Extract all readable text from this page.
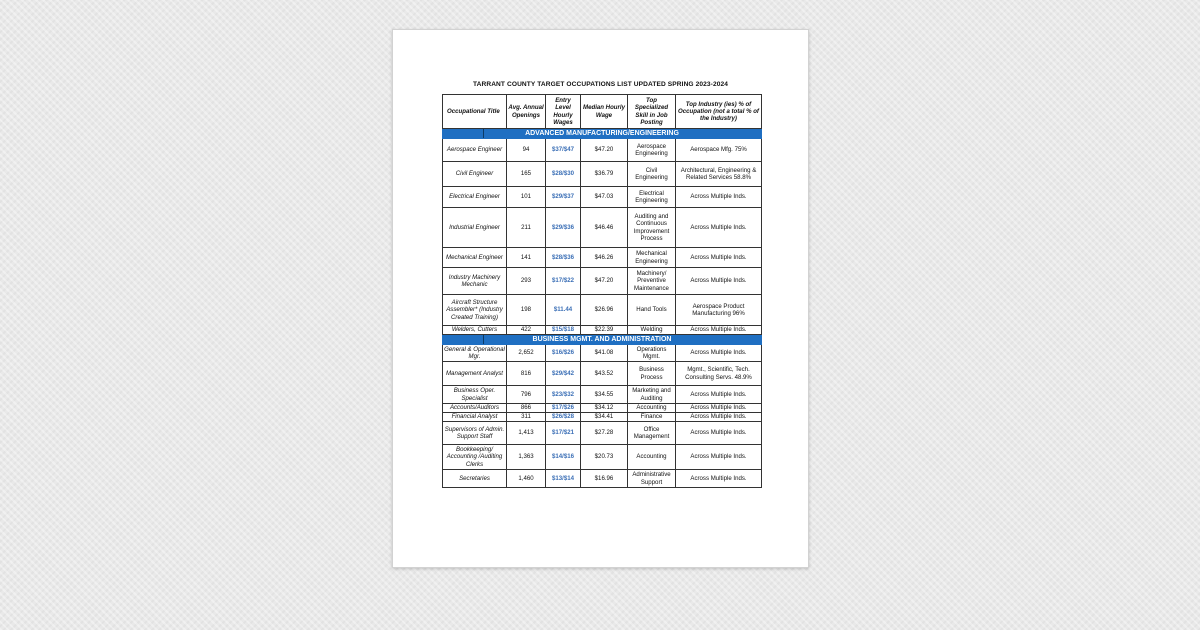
TARRANT COUNTY TARGET OCCUPATIONS LIST UPDATED SPRING 2023-2024
Occupational Title	Avg. Annual Openings	Entry Level Hourly Wages	Median Hourly Wage	Top Specialized Skill in Job Posting	Top Industry (ies) % of Occupation (not a total % of the Industry)

ADVANCED MANUFACTURING/ENGINEERING					

Aerospace Engineer	94	$37/$47	$47.20	Aerospace Engineering	Aerospace Mfg. 75%
Civil Engineer	165	$28/$30	$36.79	Civil Engineering	Architectural, Engineering & Related Services 58.8%
Electrical Engineer	101	$29/$37	$47.03	Electrical Engineering	Across Multiple Inds.
Industrial Engineer	211	$29/$36	$46.46	Auditing and Continuous Improvement Process	Across Multiple Inds.
Mechanical Engineer	141	$28/$36	$46.26	Mechanical Engineering	Across Multiple Inds.
Industry Machinery Mechanic	293	$17/$22	$47.20	Machinery/ Preventive Maintenance	Across Multiple Inds.
Aircraft Structure Assembler* (Industry Created Training)	198	$11.44	$26.96	Hand Tools	Aerospace Product Manufacturing 96%
Welders, Cutters	422	$15/$18	$22.39	Welding	Across Multiple Inds.

BUSINESS MGMT. AND ADMINISTRATION					

General & Operational Mgr.	2,652	$16/$26	$41.08	Operations Mgmt.	Across Multiple Inds.
Management Analyst	816	$29/$42	$43.52	Business Process	Mgmt., Scientific, Tech. Consulting Servs. 48.9%
Business Oper. Specialist	796	$23/$32	$34.55	Marketing and Auditing	Across Multiple Inds.
Accounts/Auditors	866	$17/$26	$34.12	Accounting	Across Multiple Inds.
Financial Analyst	311	$26/$28	$34.41	Finance	Across Multiple Inds.
Supervisors of Admin. Support Staff	1,413	$17/$21	$27.28	Office Management	Across Multiple Inds.
Bookkeeping/ Accounting /Auditing Clerks	1,363	$14/$16	$20.73	Accounting	Across Multiple Inds.
Secretaries	1,460	$13/$14	$16.96	Administrative Support	Across Multiple Inds.
